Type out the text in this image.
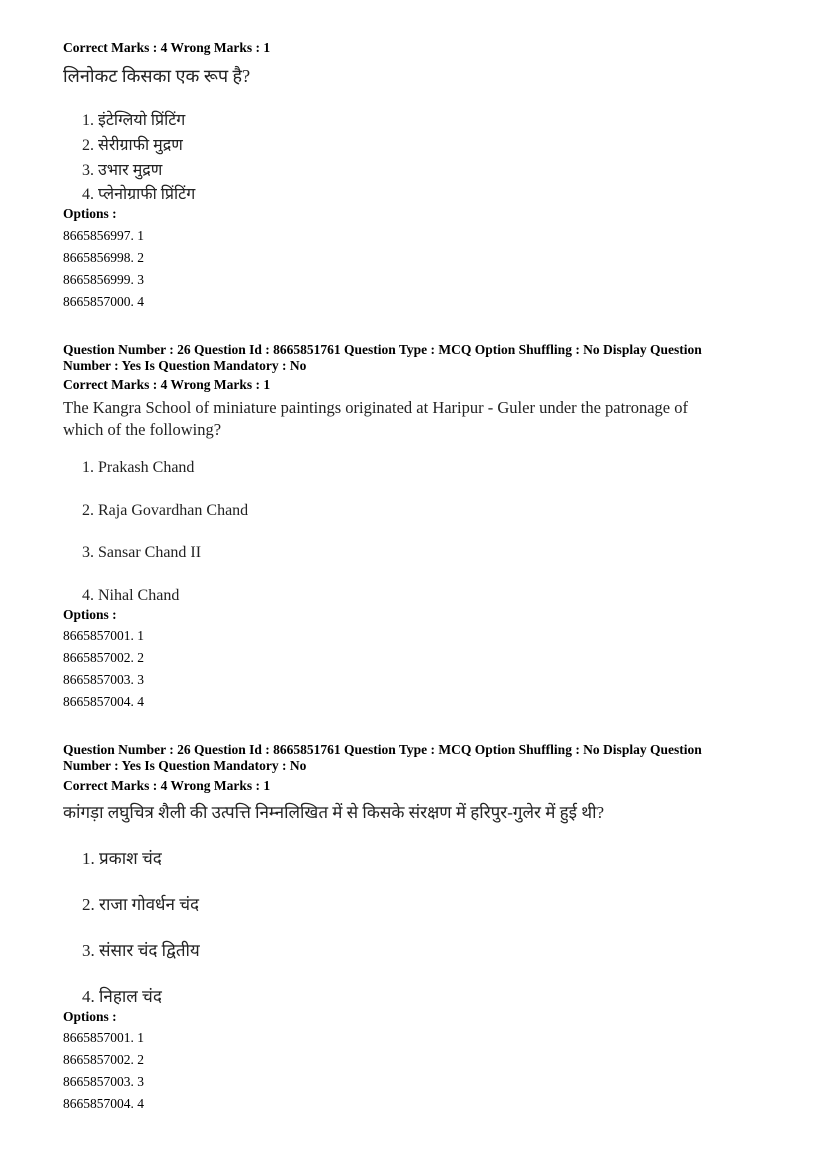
Correct Marks : 4 Wrong Marks : 1
लिनोकट किसका एक रूप है?
1. इंटेग्लियो प्रिंटिंग
2. सेरीग्राफी मुद्रण
3. उभार मुद्रण
4. प्लेनोग्राफी प्रिंटिंग
Options :
8665856997. 1
8665856998. 2
8665856999. 3
8665857000. 4
Question Number : 26 Question Id : 8665851761 Question Type : MCQ Option Shuffling : No Display Question
Number : Yes Is Question Mandatory : No
Correct Marks : 4 Wrong Marks : 1
The Kangra School of miniature paintings originated at Haripur - Guler under the patronage of
which of the following?
1. Prakash Chand
2. Raja Govardhan Chand
3. Sansar Chand II
4. Nihal Chand
Options :
8665857001. 1
8665857002. 2
8665857003. 3
8665857004. 4
Question Number : 26 Question Id : 8665851761 Question Type : MCQ Option Shuffling : No Display Question
Number : Yes Is Question Mandatory : No
Correct Marks : 4 Wrong Marks : 1
कांगड़ा लघुचित्र शैली की उत्पत्ति निम्नलिखित में से किसके संरक्षण में हरिपुर-गुलेर में हुई थी?
1. प्रकाश चंद
2. राजा गोवर्धन चंद
3. संसार चंद द्वितीय
4. निहाल चंद
Options :
8665857001. 1
8665857002. 2
8665857003. 3
8665857004. 4
